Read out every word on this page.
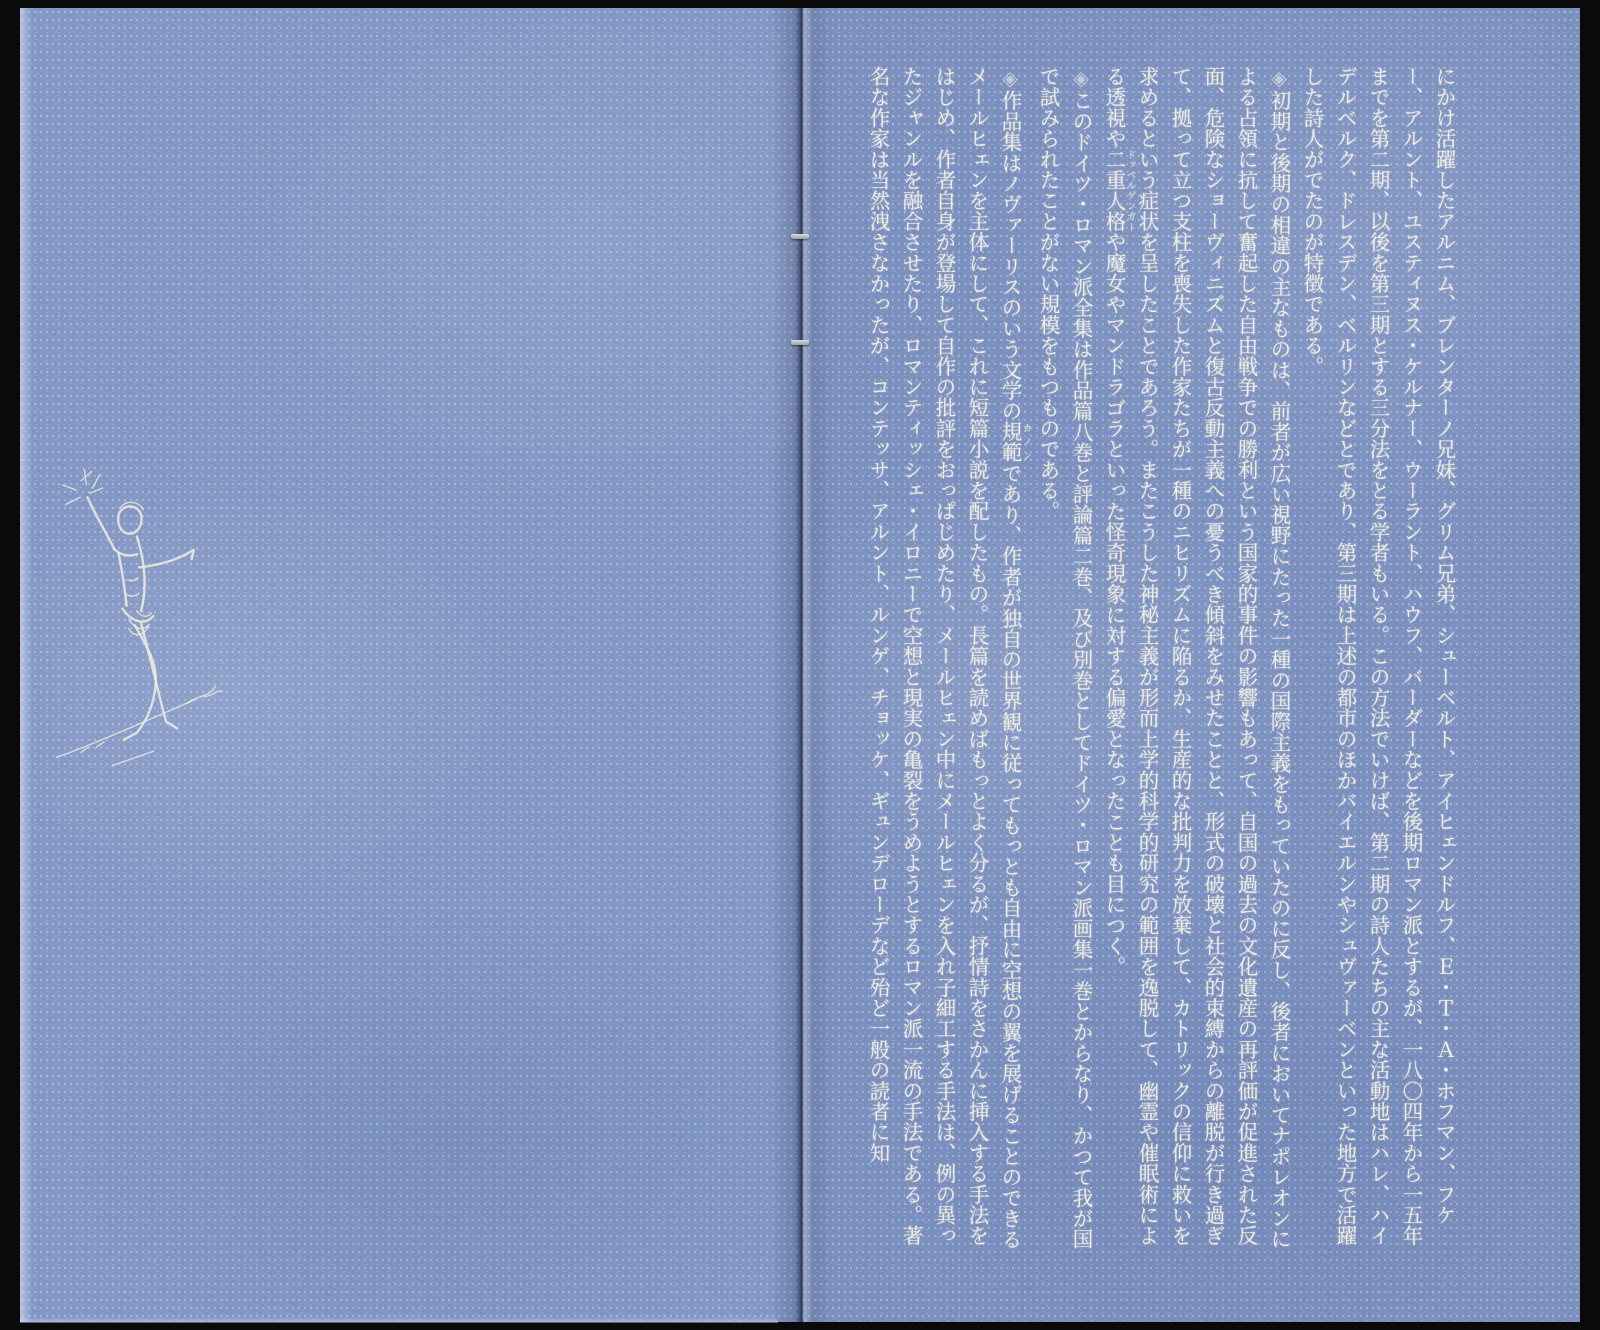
にかけ活躍したアルニム、ブレンターノ兄妹、グリム兄弟、シューベルト、アイヒェンドルフ、Ｅ・Ｔ・Ａ・ホフマン、フケー、アルント、ユスティヌス・ケルナー、ウーラント、ハウフ、バーダーなどを後期ロマン派とするが、一八〇四年から一五年までを第二期、以後を第三期とする三分法をとる学者もいる。この方法でいけば、第二期の詩人たちの主な活動地はハレ、ハイデルベルク、ドレスデン、ベルリンなどとであり、第三期は上述の都市のほかバイエルンやシュヴァーベンといった地方で活躍した詩人がでたのが特徴である。

◈初期と後期の相違の主なものは、前者が広い視野にたった一種の国際主義をもっていたのに反し、後者においてナポレオンによる占領に抗して奮起した自由戦争での勝利という国家的事件の影響もあって、自国の過去の文化遺産の再評価が促進された反面、危険なショーヴィニズムと復古反動主義への憂うべき傾斜をみせたことと、形式の破壊と社会的束縛からの離脱が行き過ぎて、拠って立つ支柱を喪失した作家たちが一種のニヒリズムに陥るか、生産的な批判力を放棄して、カトリックの信仰に救いを求めるという症状を呈したことであろう。またこうした神秘主義が形而上学的科学的研究の範囲を逸脱して、幽霊や催眠術による透視や二重人格ドッペルゲンガーや魔女やマンドラゴラといった怪奇現象に対する偏愛となったことも目につく。

◈このドイツ・ロマン派全集は作品篇八巻と評論篇二巻、及び別巻としてドイツ・ロマン派画集一巻とからなり、かつて我が国で試みられたことがない規模をもつものである。

◈作品集はノヴァーリスのいう文学の規範カノンであり、作者が独自の世界観に従ってもっとも自由に空想の翼を展げることのできるメールヒェンを主体にして、これに短篇小説を配したもの。長篇を読めばもっとよく分るが、抒情詩をさかんに挿入する手法をはじめ、作者自身が登場して自作の批評をおっぱじめたり、メールヒェン中にメールヒェンを入れ子細工する手法は、例の異ったジャンルを融合させたり、ロマンティッシェ・イロニーで空想と現実の亀裂をうめようとするロマン派一流の手法である。著名な作家は当然洩さなかったが、コンテッサ、アルント、ルンゲ、チョッケ、ギュンデローデなど殆ど一般の読者に知
